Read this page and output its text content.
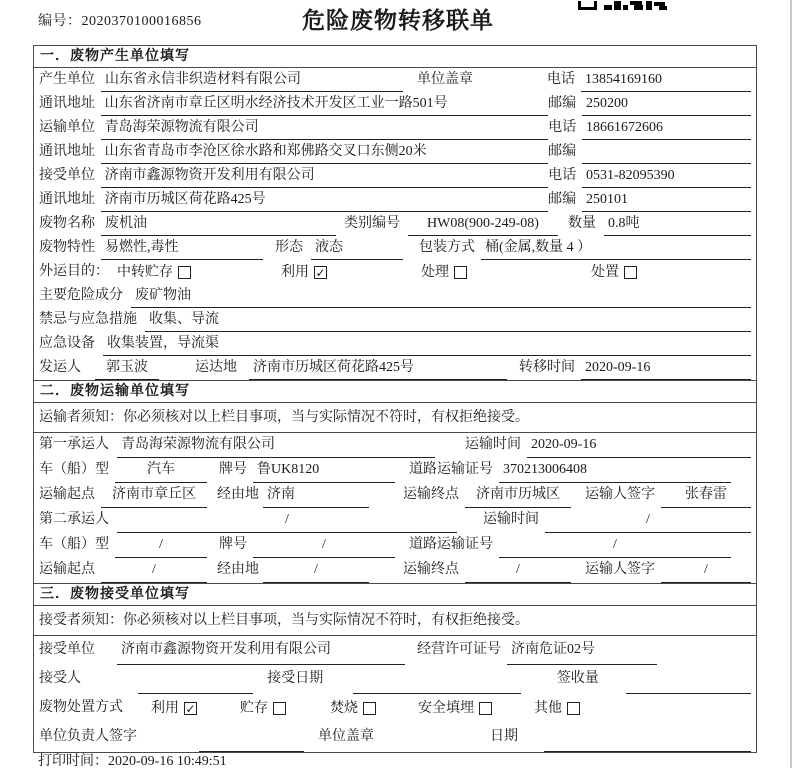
编号：2020370100016856	危险废物转移联单
一．废物产生单位填写
产生单位 山东省永信非织造材料有限公司	单位盖章	电话 13854169160
通讯地址 山东省济南市章丘区明水经济技术开发区工业一路501号	邮编 250200
运输单位 青岛海荣源物流有限公司	电话 18661672606
通讯地址 山东省青岛市李沧区徐水路和郑佛路交叉口东侧20米	邮编
接受单位 济南市鑫源物资开发利用有限公司	电话 0531-82095390
通讯地址 济南市历城区荷花路425号	邮编 250101
废物名称 废机油	类别编号	HW08(900-249-08)	数量 0.8吨
废物特性 易燃性,毒性	形态 液态	包装方式 桶(金属,数量 4 ）
外运目的： 中转贮存	利用 ✓	处理	处置
主要危险成分 废矿物油
禁忌与应急措施 收集、导流
应急设备 收集装置，导流渠
发运人	郭玉波	运达地	济南市历城区荷花路425号	转移时间 2020-09-16
二．废物运输单位填写
运输者须知：你必须核对以上栏目事项，当与实际情况不符时，有权拒绝接受。
第一承运人 青岛海荣源物流有限公司	运输时间 2020-09-16
车（船）型	汽车	牌号 鲁UK8120	道路运输证号 370213006408
运输起点	济南市章丘区	经由地 济南	运输终点	济南市历城区	运输人签字	张春雷
第二承运人	/	运输时间	/
车（船）型	/	牌号	/	道路运输证号	/
运输起点	/	经由地	/	运输终点	/	运输人签字	/
三．废物接受单位填写
接受者须知：你必须核对以上栏目事项，当与实际情况不符时，有权拒绝接受。
接受单位	济南市鑫源物资开发利用有限公司	经营许可证号 济南危证02号
接受人	接受日期	签收量
废物处置方式	利用 ✓	贮存	焚烧	安全填埋	其他
单位负责人签字	单位盖章	日期
打印时间：2020-09-16 10:49:51
